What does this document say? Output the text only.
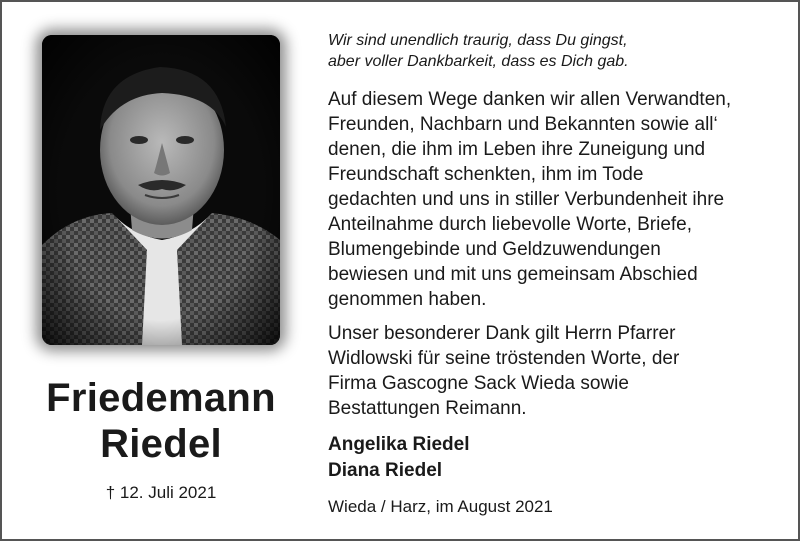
Friedemann
Riedel
† 12. Juli 2021

Wir sind unendlich traurig, dass Du gingst,
aber voller Dankbarkeit, dass es Dich gab.

Auf diesem Wege danken wir allen Verwandten,
Freunden, Nachbarn und Bekannten sowie all‘
denen, die ihm im Leben ihre Zuneigung und
Freundschaft schenkten, ihm im Tode
gedachten und uns in stiller Verbundenheit ihre
Anteilnahme durch liebevolle Worte, Briefe,
Blumengebinde und Geldzuwendungen
bewiesen und mit uns gemeinsam Abschied
genommen haben.

Unser besonderer Dank gilt Herrn Pfarrer
Widlowski für seine tröstenden Worte, der
Firma Gascogne Sack Wieda sowie
Bestattungen Reimann.

Angelika Riedel
Diana Riedel
Wieda / Harz, im August 2021
